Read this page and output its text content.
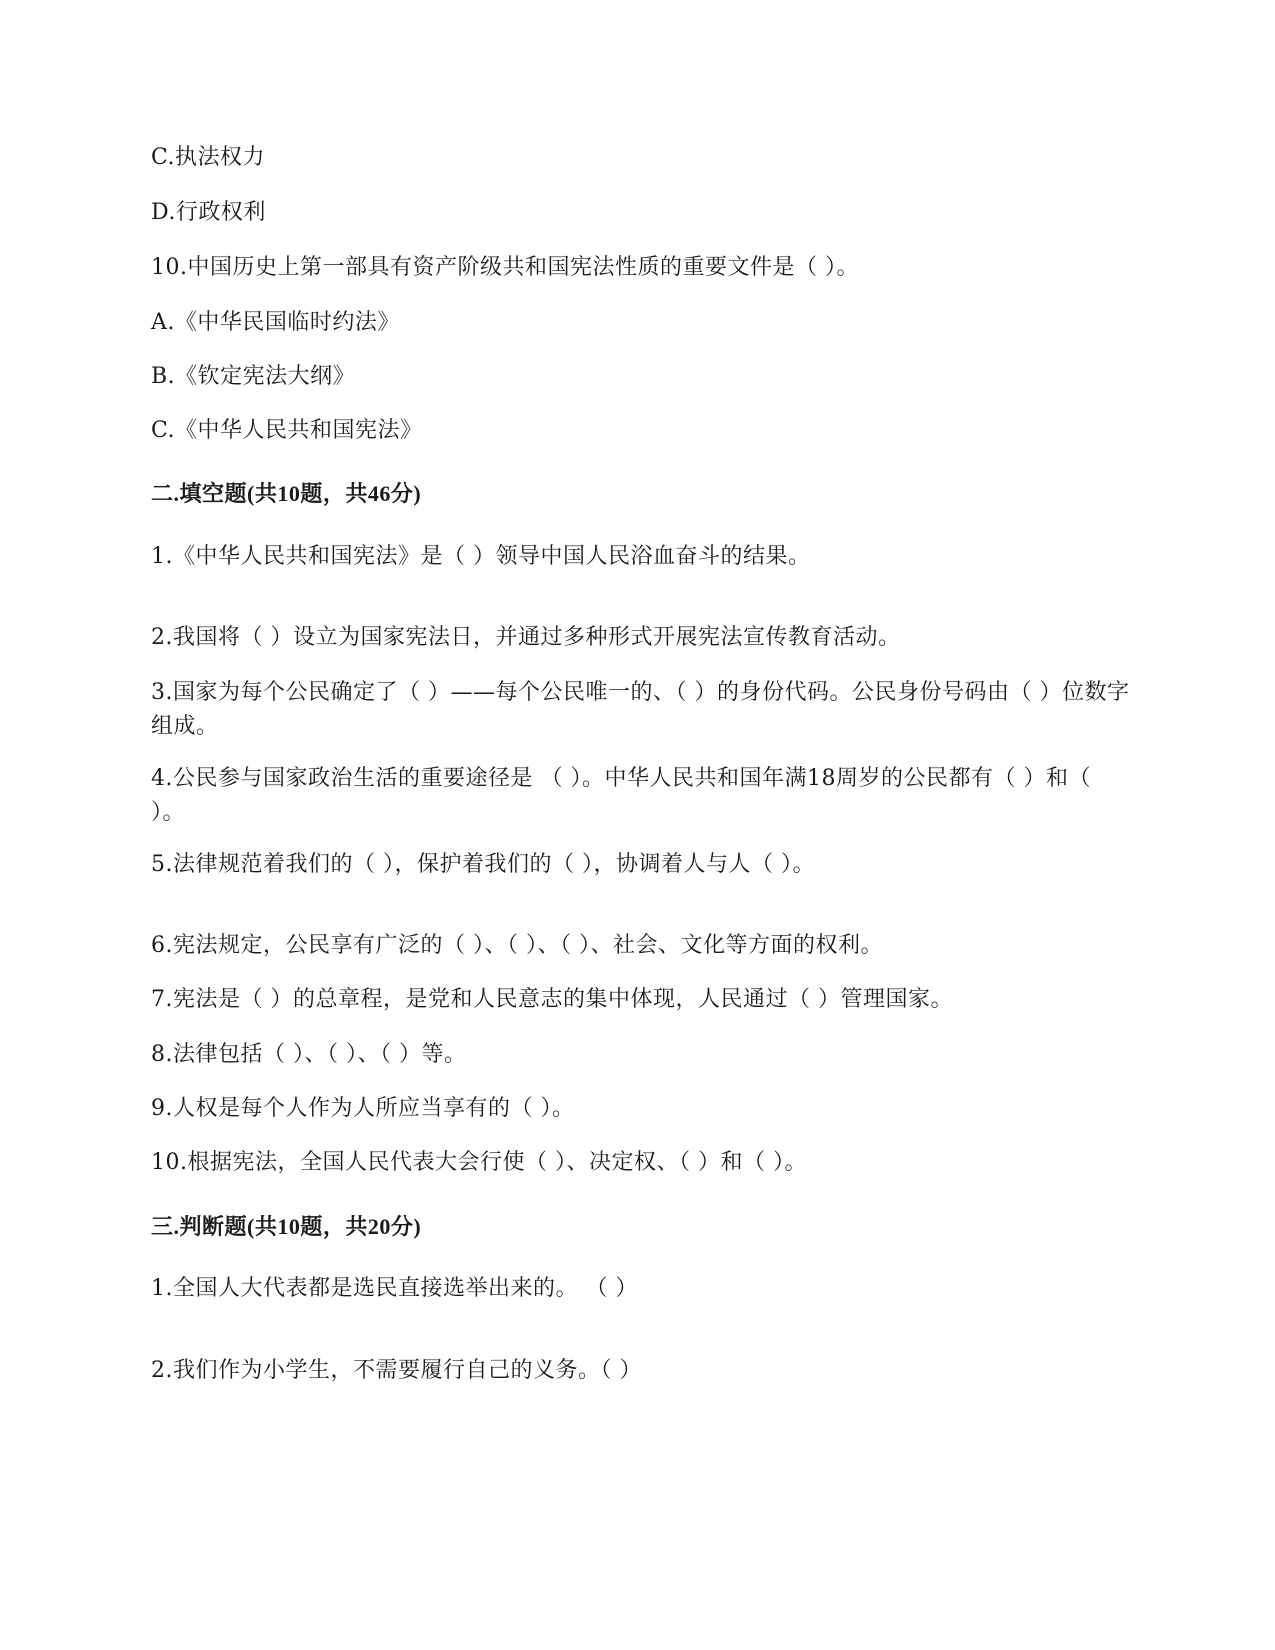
C.执法权力
D.行政权利
10.中国历史上第一部具有资产阶级共和国宪法性质的重要文件是（ ）。
A.《中华民国临时约法》
B.《钦定宪法大纲》
C.《中华人民共和国宪法》
二.填空题(共10题，共46分)
1.《中华人民共和国宪法》是（ ）领导中国人民浴血奋斗的结果。
2.我国将（ ）设立为国家宪法日，并通过多种形式开展宪法宣传教育活动。
3.国家为每个公民确定了（ ）——每个公民唯一的、（ ）的身份代码。公民身份号码由（ ）位数字组成。
4.公民参与国家政治生活的重要途径是 （ ）。中华人民共和国年满18周岁的公民都有（ ）和（ ）。
5.法律规范着我们的（ ），保护着我们的（ ），协调着人与人（ ）。
6.宪法规定，公民享有广泛的（ ）、（ ）、（ ）、社会、文化等方面的权利。
7.宪法是（ ）的总章程，是党和人民意志的集中体现，人民通过（ ）管理国家。
8.法律包括（ ）、（ ）、（ ）等。
9.人权是每个人作为人所应当享有的（ ）。
10.根据宪法，全国人民代表大会行使（ ）、决定权、（ ）和（ ）。
三.判断题(共10题，共20分)
1.全国人大代表都是选民直接选举出来的。 （ ）
2.我们作为小学生，不需要履行自己的义务。（ ）
